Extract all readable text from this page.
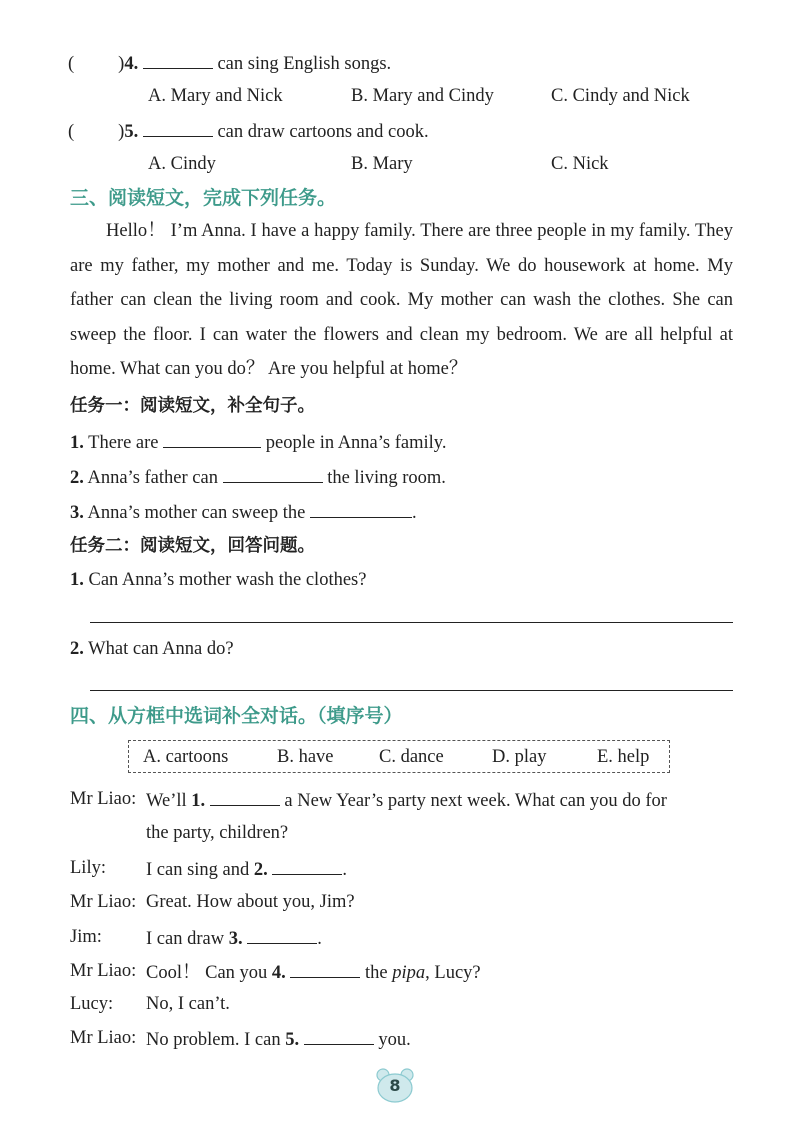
( )4.	can sing English songs.
A. Mary and Nick	B. Mary and Cindy	C. Cindy and Nick
( )5.	can draw cartoons and cook.
A. Cindy	B. Mary	C. Nick
三、阅读短文，完成下列任务。
Hello！ I’m Anna. I have a happy family. There are three people in my family. They are my father, my mother and me. Today is Sunday. We do housework at home. My father can clean the living room and cook. My mother can wash the clothes. She can sweep the floor. I can water the flowers and clean my bedroom. We are all helpful at home. What can you do？ Are you helpful at home？
任务一：阅读短文，补全句子。
1. There are	people in Anna’s family.
2. Anna’s father can	the living room.
3. Anna’s mother can sweep the	.
任务二：阅读短文，回答问题。
1. Can Anna’s mother wash the clothes?
2. What can Anna do?
四、从方框中选词补全对话。（填序号）
A. cartoons	B. have C. dance	D. play	E. help
Mr Liao: We’ll 1.	a New Year’s party next week. What can you do for
the party, children?
Lily: I can sing and 2.	.
Mr Liao: Great. How about you, Jim?
Jim: I can draw 3.	.
Mr Liao: Cool！ Can you 4.	the pipa, Lucy?
Lucy: No, I can’t.
Mr Liao: No problem. I can 5.	you.
8
